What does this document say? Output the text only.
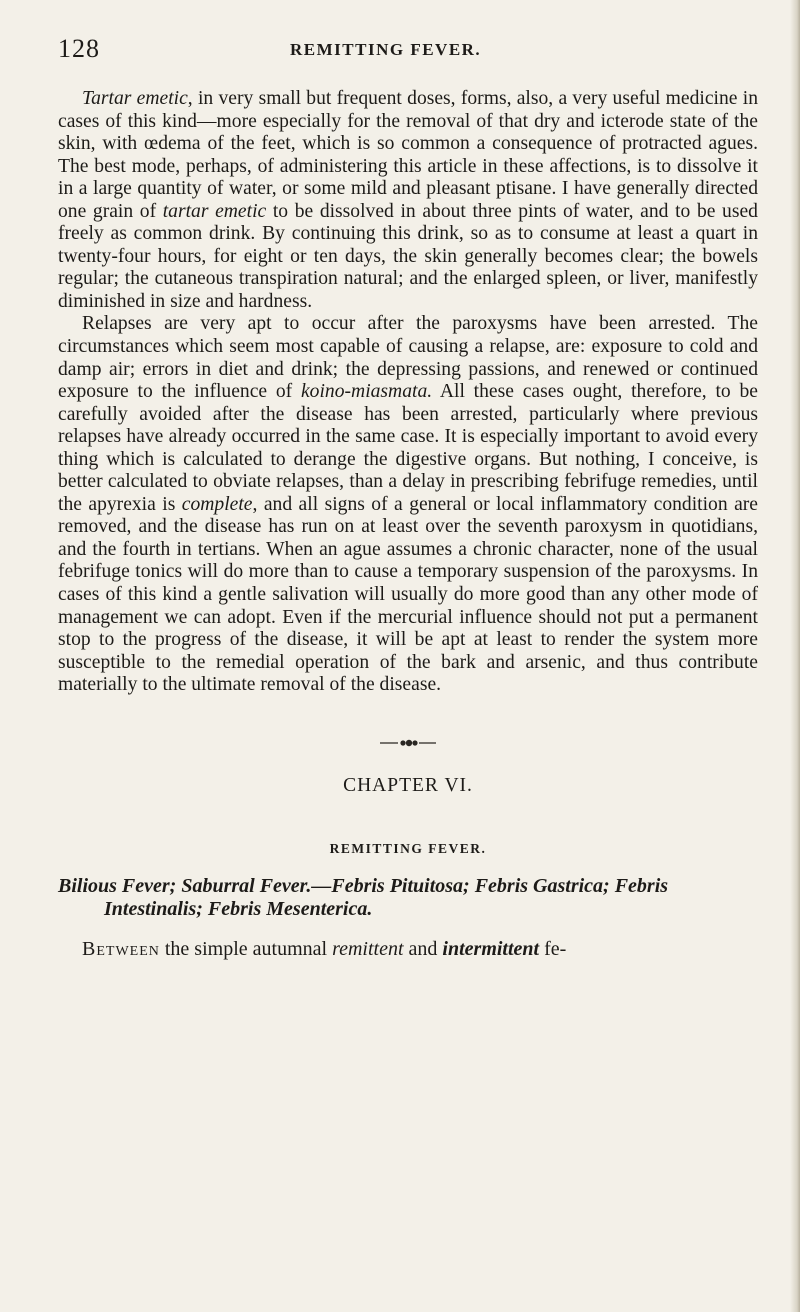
128	REMITTING FEVER.

Tartar emetic, in very small but frequent doses, forms, also, a very useful medicine in cases of this kind—more especially for the removal of that dry and icterode state of the skin, with œdema of the feet, which is so common a consequence of protracted agues. The best mode, perhaps, of administering this article in these affections, is to dissolve it in a large quantity of water, or some mild and pleasant ptisane. I have generally directed one grain of tartar emetic to be dissolved in about three pints of water, and to be used freely as common drink. By continuing this drink, so as to consume at least a quart in twenty-four hours, for eight or ten days, the skin generally becomes clear; the bowels regular; the cutaneous transpiration natural; and the enlarged spleen, or liver, manifestly diminished in size and hardness.

Relapses are very apt to occur after the paroxysms have been arrested. The circumstances which seem most capable of causing a relapse, are: exposure to cold and damp air; errors in diet and drink; the depressing passions, and renewed or continued exposure to the influence of koino-miasmata. All these cases ought, therefore, to be carefully avoided after the disease has been arrested, particularly where previous relapses have already occurred in the same case. It is especially important to avoid every thing which is calculated to derange the digestive organs. But nothing, I conceive, is better calculated to obviate relapses, than a delay in prescribing febrifuge remedies, until the apyrexia is complete, and all signs of a general or local inflammatory condition are removed, and the disease has run on at least over the seventh paroxysm in quotidians, and the fourth in tertians. When an ague assumes a chronic character, none of the usual febrifuge tonics will do more than to cause a temporary suspension of the paroxysms. In cases of this kind a gentle salivation will usually do more good than any other mode of management we can adopt. Even if the mercurial influence should not put a permanent stop to the progress of the disease, it will be apt at least to render the system more susceptible to the remedial operation of the bark and arsenic, and thus contribute materially to the ultimate removal of the disease.

CHAPTER VI.
REMITTING FEVER.

Bilious Fever; Saburral Fever.—Febris Pituitosa; Febris Gastrica; Febris Intestinalis; Febris Mesenterica.

Between the simple autumnal remittent and intermittent fe-
